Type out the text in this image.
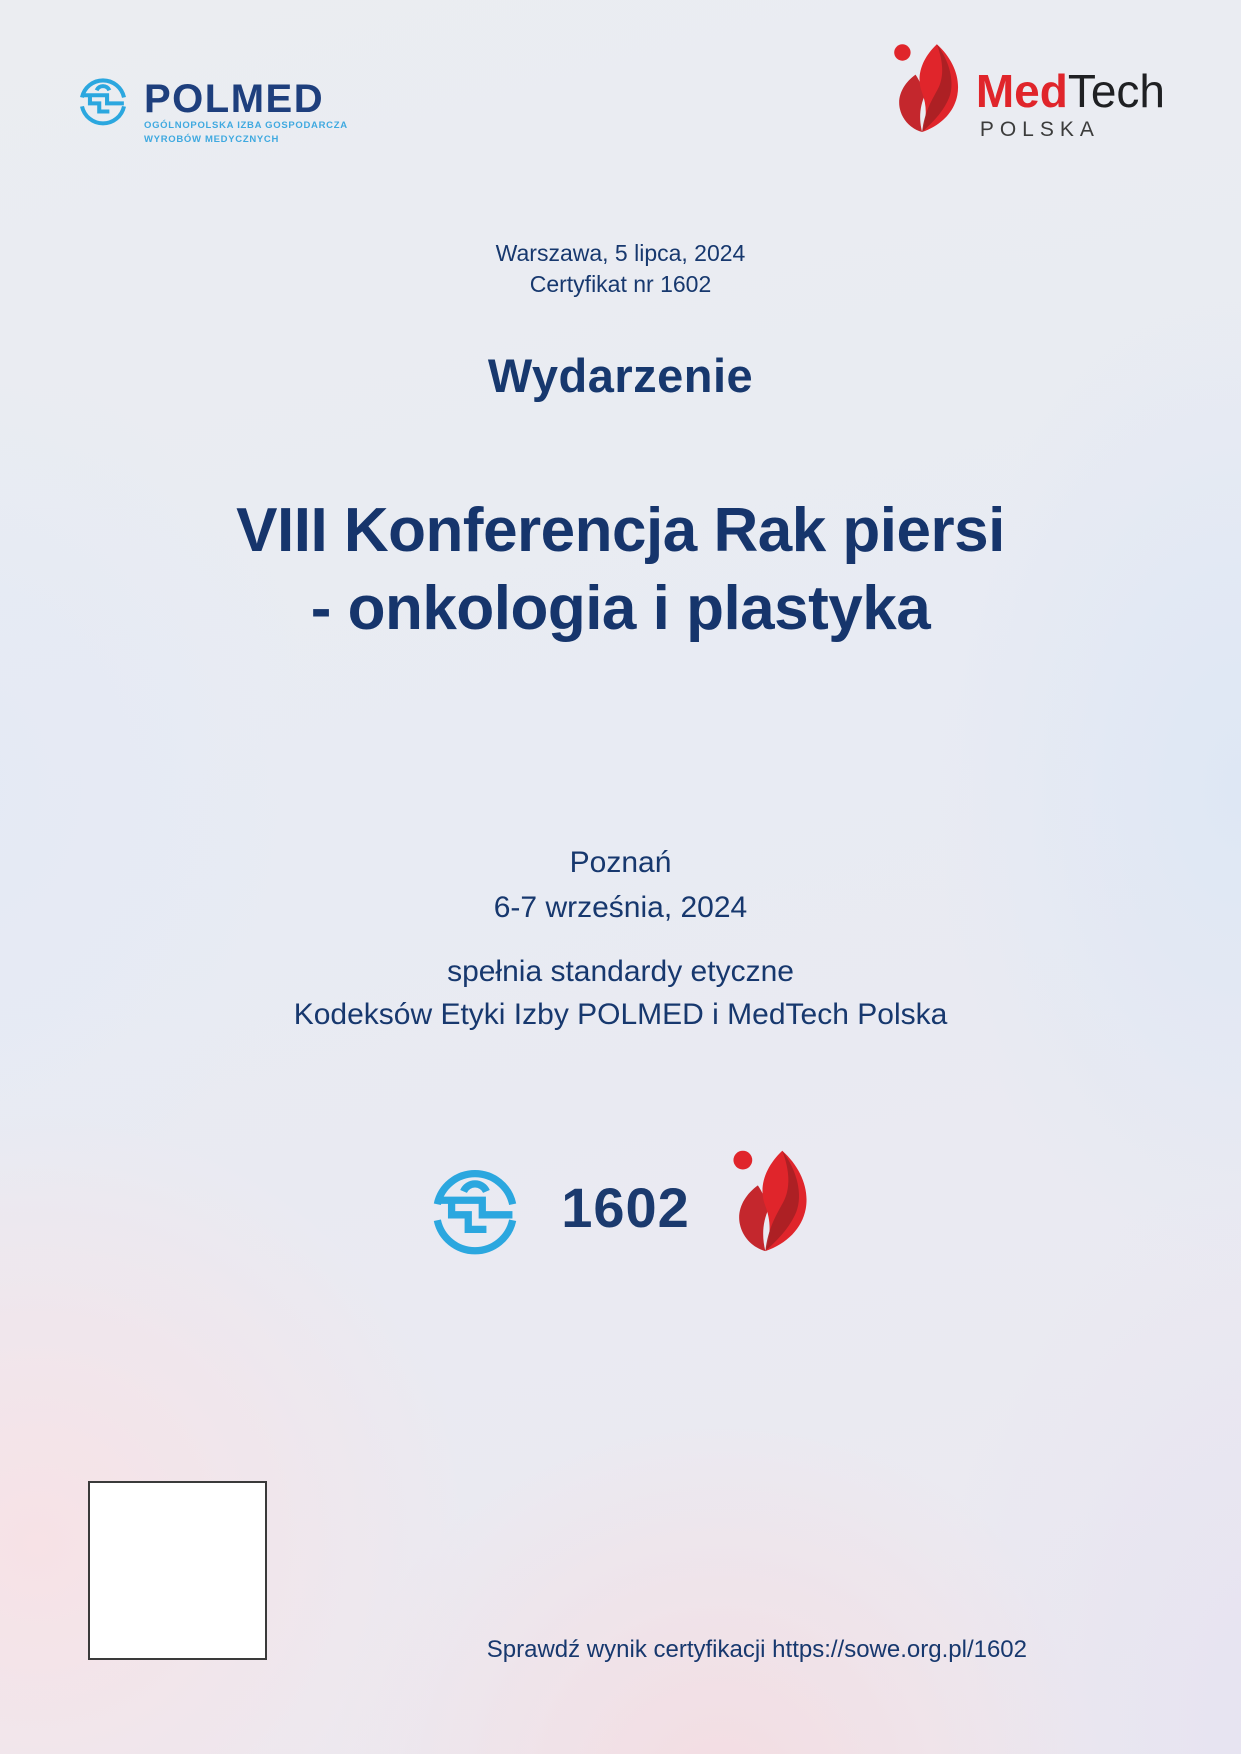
POLMED
OGÓLNOPOLSKA IZBA GOSPODARCZA
WYROBÓW MEDYCZNYCH
MedTech
POLSKA
Warszawa, 5 lipca, 2024
Certyfikat nr 1602
Wydarzenie
VIII Konferencja Rak piersi
- onkologia i plastyka
Poznań
6-7 września, 2024
spełnia standardy etyczne
Kodeksów Etyki Izby POLMED i MedTech Polska
1602
Sprawdź wynik certyfikacji https://sowe.org.pl/1602
